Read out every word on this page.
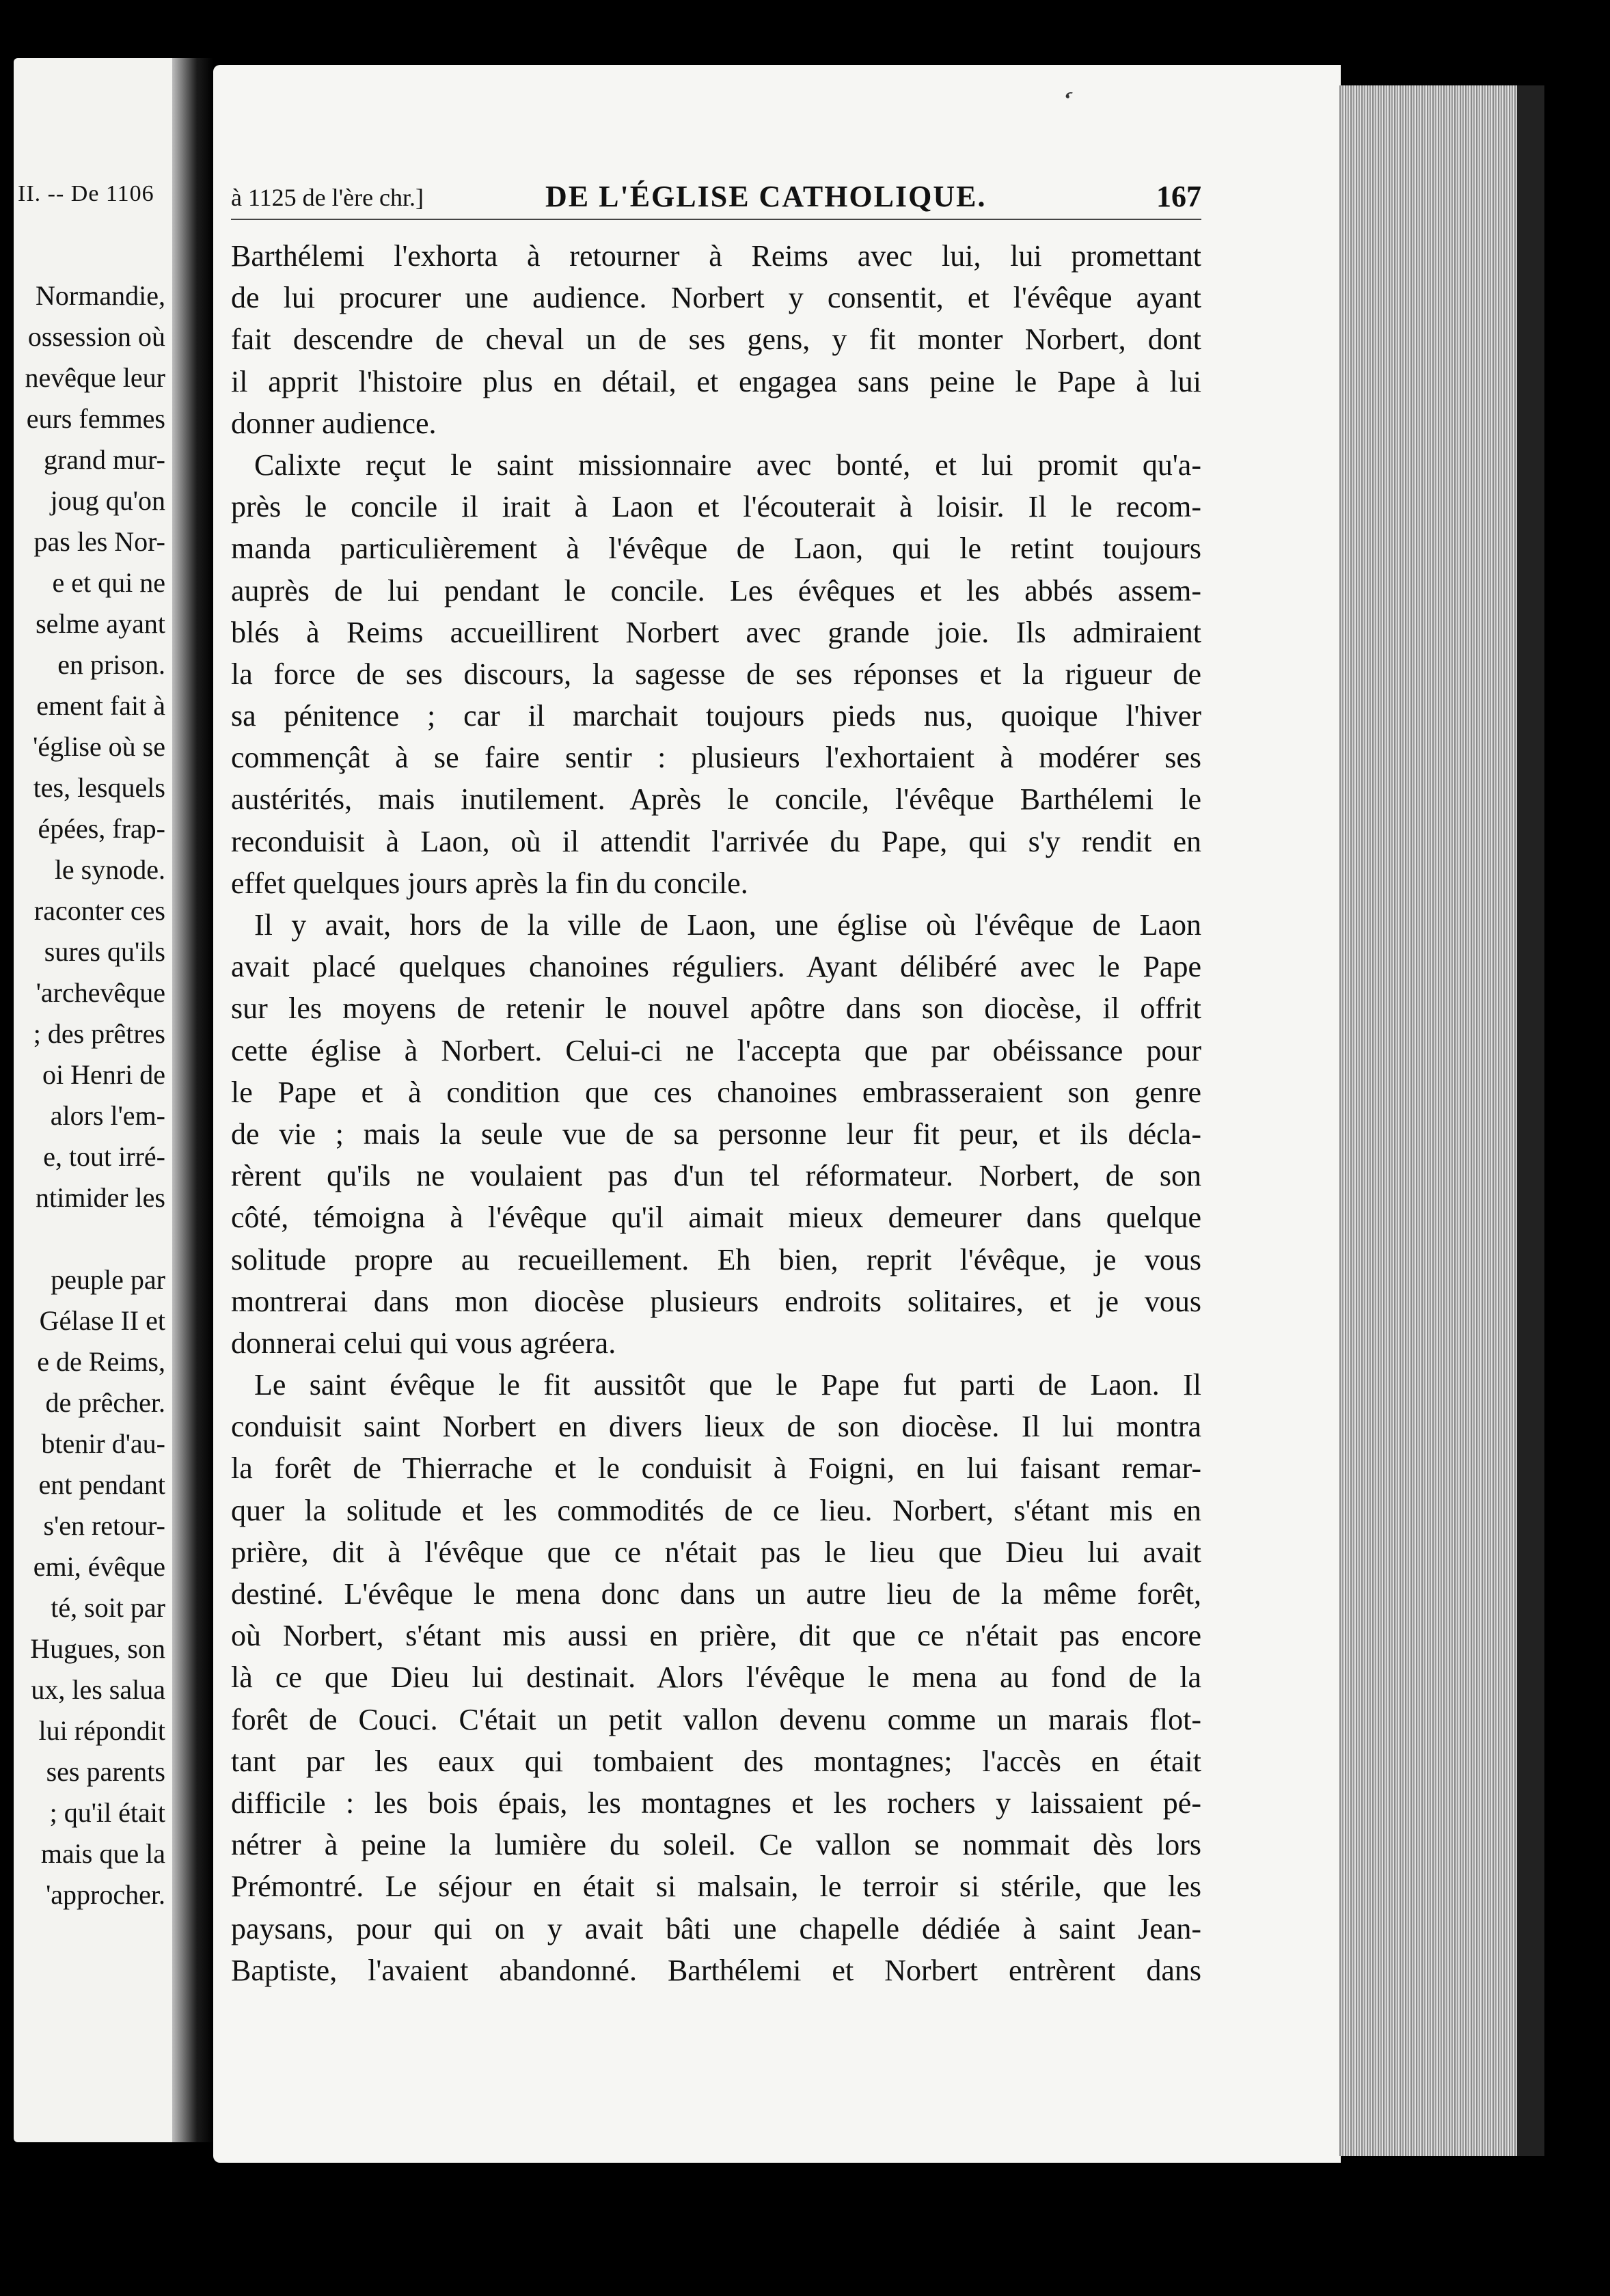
II. -- De 1106
Normandie,
ossession où
nevêque leur
eurs femmes
grand mur-
joug qu'on
pas les Nor-
e et qui ne
selme ayant
en prison.
ement fait à
'église où se
tes, lesquels
épées, frap-
le synode.
raconter ces
sures qu'ils
'archevêque
; des prêtres
oi Henri de
alors l'em-
e, tout irré-
ntimider les
peuple par
Gélase II et
e de Reims,
de prêcher.
btenir d'au-
ent pendant
s'en retour-
emi, évêque
té, soit par
Hugues, son
ux, les salua
lui répondit
ses parents
; qu'il était
mais que la
'approcher.
‘
à 1125 de l'ère chr.]	DE L'ÉGLISE CATHOLIQUE.	167
Barthélemi l'exhorta à retourner à Reims avec lui, lui promettant
de lui procurer une audience. Norbert y consentit, et l'évêque ayant
fait descendre de cheval un de ses gens, y fit monter Norbert, dont
il apprit l'histoire plus en détail, et engagea sans peine le Pape à lui
donner audience.
Calixte reçut le saint missionnaire avec bonté, et lui promit qu'a-
près le concile il irait à Laon et l'écouterait à loisir. Il le recom-
manda particulièrement à l'évêque de Laon, qui le retint toujours
auprès de lui pendant le concile. Les évêques et les abbés assem-
blés à Reims accueillirent Norbert avec grande joie. Ils admiraient
la force de ses discours, la sagesse de ses réponses et la rigueur de
sa pénitence ; car il marchait toujours pieds nus, quoique l'hiver
commençât à se faire sentir : plusieurs l'exhortaient à modérer ses
austérités, mais inutilement. Après le concile, l'évêque Barthélemi le
reconduisit à Laon, où il attendit l'arrivée du Pape, qui s'y rendit en
effet quelques jours après la fin du concile.
Il y avait, hors de la ville de Laon, une église où l'évêque de Laon
avait placé quelques chanoines réguliers. Ayant délibéré avec le Pape
sur les moyens de retenir le nouvel apôtre dans son diocèse, il offrit
cette église à Norbert. Celui-ci ne l'accepta que par obéissance pour
le Pape et à condition que ces chanoines embrasseraient son genre
de vie ; mais la seule vue de sa personne leur fit peur, et ils décla-
rèrent qu'ils ne voulaient pas d'un tel réformateur. Norbert, de son
côté, témoigna à l'évêque qu'il aimait mieux demeurer dans quelque
solitude propre au recueillement. Eh bien, reprit l'évêque, je vous
montrerai dans mon diocèse plusieurs endroits solitaires, et je vous
donnerai celui qui vous agréera.
Le saint évêque le fit aussitôt que le Pape fut parti de Laon. Il
conduisit saint Norbert en divers lieux de son diocèse. Il lui montra
la forêt de Thierrache et le conduisit à Foigni, en lui faisant remar-
quer la solitude et les commodités de ce lieu. Norbert, s'étant mis en
prière, dit à l'évêque que ce n'était pas le lieu que Dieu lui avait
destiné. L'évêque le mena donc dans un autre lieu de la même forêt,
où Norbert, s'étant mis aussi en prière, dit que ce n'était pas encore
là ce que Dieu lui destinait. Alors l'évêque le mena au fond de la
forêt de Couci. C'était un petit vallon devenu comme un marais flot-
tant par les eaux qui tombaient des montagnes; l'accès en était
difficile : les bois épais, les montagnes et les rochers y laissaient pé-
nétrer à peine la lumière du soleil. Ce vallon se nommait dès lors
Prémontré. Le séjour en était si malsain, le terroir si stérile, que les
paysans, pour qui on y avait bâti une chapelle dédiée à saint Jean-
Baptiste, l'avaient abandonné. Barthélemi et Norbert entrèrent dans
